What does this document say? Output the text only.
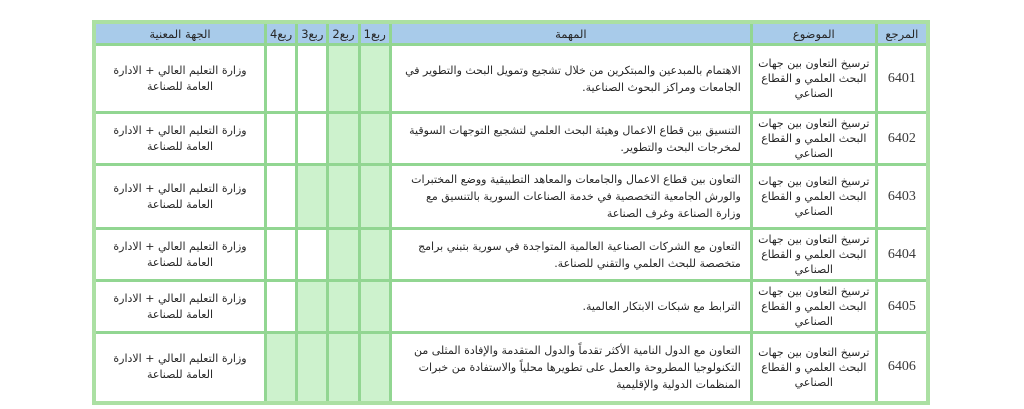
المرجع	الموضوع	المهمة	ربع1	ربع2	ربع3	ربع4	الجهة المعنية
6401	ترسيخ التعاون بين جهات البحث العلمي و القطاع الصناعي	الاهتمام بالمبدعين والمبتكرين من خلال تشجيع وتمويل البحث والتطوير في الجامعات ومراكز البحوث الصناعية.					وزارة التعليم العالي + الادارة العامة للصناعة
6402	ترسيخ التعاون بين جهات البحث العلمي و القطاع الصناعي	التنسيق بين قطاع الاعمال وهيئة البحث العلمي لتشجيع التوجهات السوقية لمخرجات البحث والتطوير.					وزارة التعليم العالي + الادارة العامة للصناعة
6403	ترسيخ التعاون بين جهات البحث العلمي و القطاع الصناعي	التعاون بين قطاع الاعمال والجامعات والمعاهد التطبيقية ووضع المختبرات والورش الجامعية التخصصية في خدمة الصناعات السورية بالتنسيق مع وزارة الصناعة وغرف الصناعة					وزارة التعليم العالي + الادارة العامة للصناعة
6404	ترسيخ التعاون بين جهات البحث العلمي و القطاع الصناعي	التعاون مع الشركات الصناعية العالمية المتواجدة في سورية بتبني برامج متخصصة للبحث العلمي والتقني للصناعة.					وزارة التعليم العالي + الادارة العامة للصناعة
6405	ترسيخ التعاون بين جهات البحث العلمي و القطاع الصناعي	الترابط مع شبكات الابتكار العالمية.					وزارة التعليم العالي + الادارة العامة للصناعة
6406	ترسيخ التعاون بين جهات البحث العلمي و القطاع الصناعي	التعاون مع الدول النامية الأكثر تقدماً والدول المتقدمة والإفادة المثلى من التكنولوجيا المطروحة والعمل على تطويرها محلياً والاستفادة من خبرات المنظمات الدولية والإقليمية					وزارة التعليم العالي + الادارة العامة للصناعة
